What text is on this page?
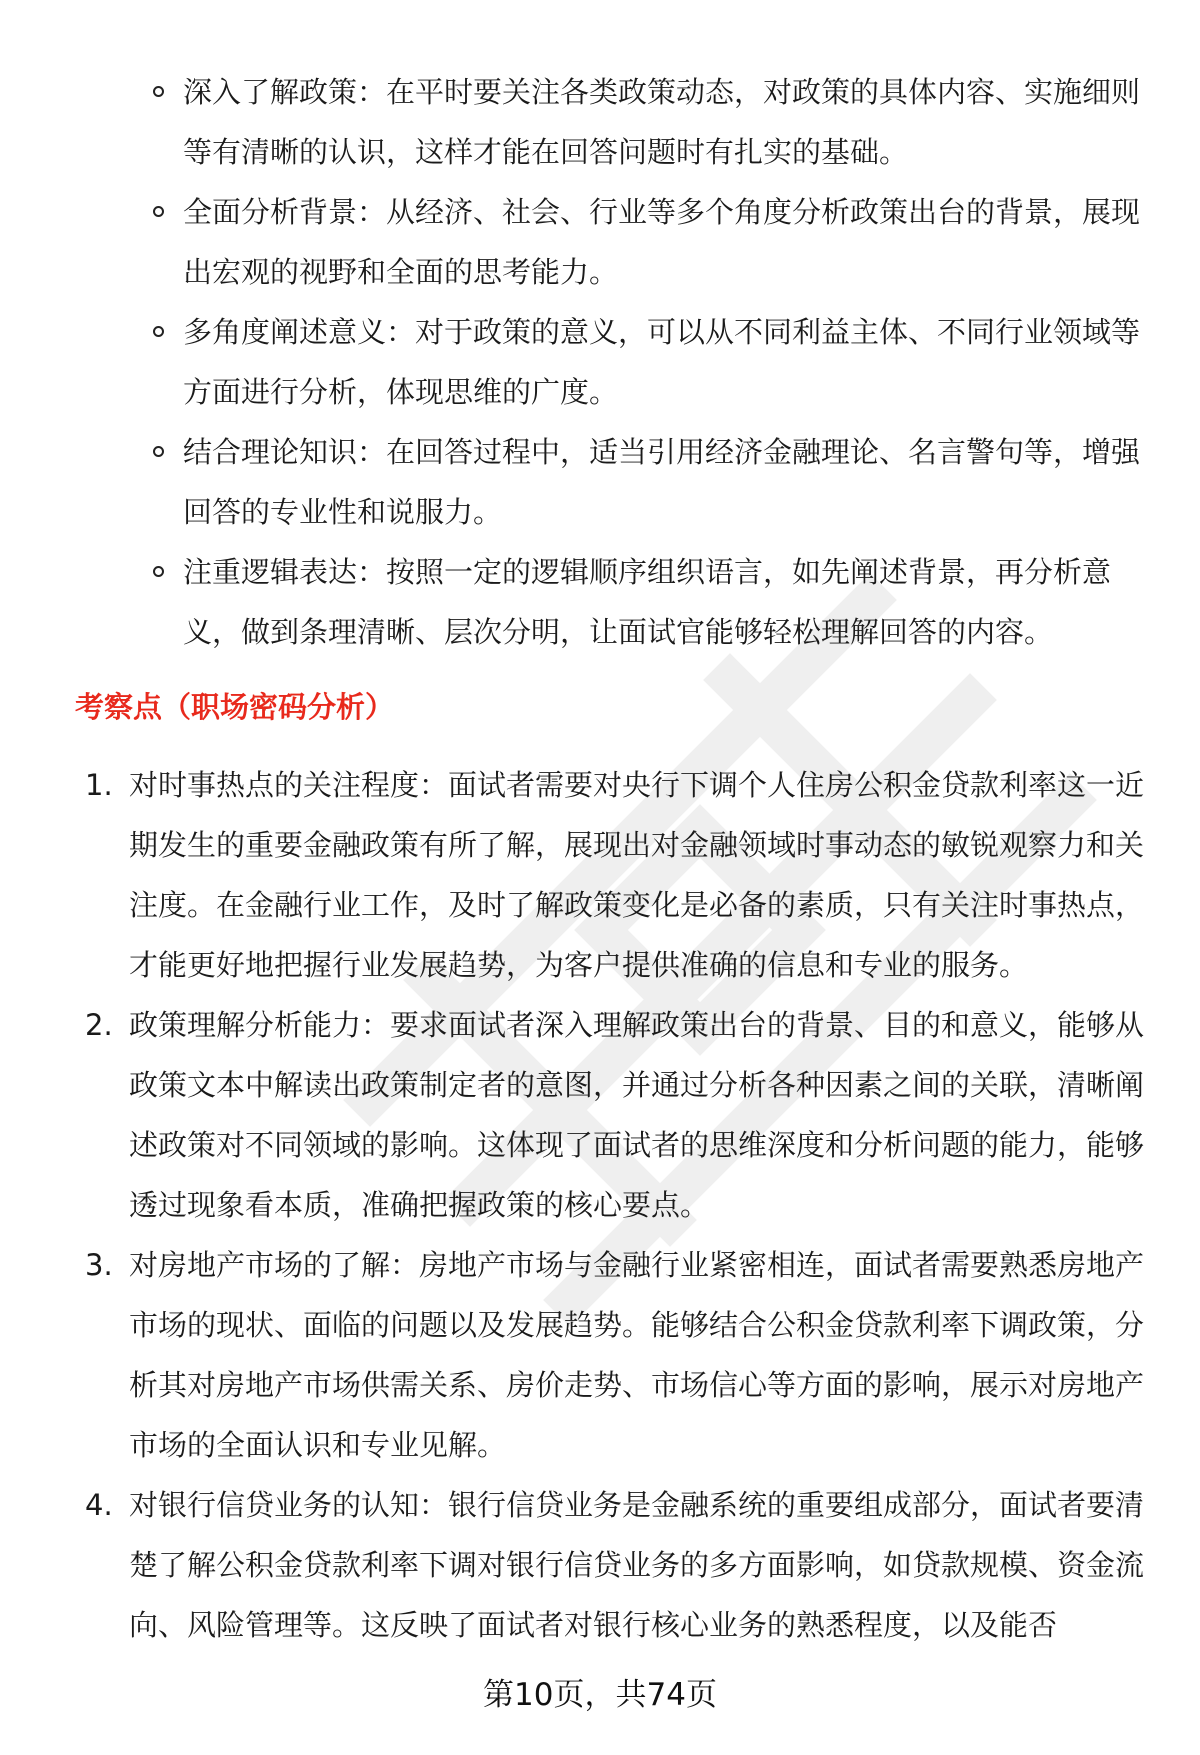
深入了解政策：在平时要关注各类政策动态，对政策的具体内容、实施细则等有清晰的认识，这样才能在回答问题时有扎实的基础。
全面分析背景：从经济、社会、行业等多个角度分析政策出台的背景，展现出宏观的视野和全面的思考能力。
多角度阐述意义：对于政策的意义，可以从不同利益主体、不同行业领域等方面进行分析，体现思维的广度。
结合理论知识：在回答过程中，适当引用经济金融理论、名言警句等，增强回答的专业性和说服力。
注重逻辑表达：按照一定的逻辑顺序组织语言，如先阐述背景，再分析意义，做到条理清晰、层次分明，让面试官能够轻松理解回答的内容。
考察点（职场密码分析）
1. 对时事热点的关注程度：面试者需要对央行下调个人住房公积金贷款利率这一近期发生的重要金融政策有所了解，展现出对金融领域时事动态的敏锐观察力和关注度。在金融行业工作，及时了解政策变化是必备的素质，只有关注时事热点，才能更好地把握行业发展趋势，为客户提供准确的信息和专业的服务。
2. 政策理解分析能力：要求面试者深入理解政策出台的背景、目的和意义，能够从政策文本中解读出政策制定者的意图，并通过分析各种因素之间的关联，清晰阐述政策对不同领域的影响。这体现了面试者的思维深度和分析问题的能力，能够透过现象看本质，准确把握政策的核心要点。
3. 对房地产市场的了解：房地产市场与金融行业紧密相连，面试者需要熟悉房地产市场的现状、面临的问题以及发展趋势。能够结合公积金贷款利率下调政策，分析其对房地产市场供需关系、房价走势、市场信心等方面的影响，展示对房地产市场的全面认识和专业见解。
4. 对银行信贷业务的认知：银行信贷业务是金融系统的重要组成部分，面试者要清楚了解公积金贷款利率下调对银行信贷业务的多方面影响，如贷款规模、资金流向、风险管理等。这反映了面试者对银行核心业务的熟悉程度，以及能否
第10页，共74页
